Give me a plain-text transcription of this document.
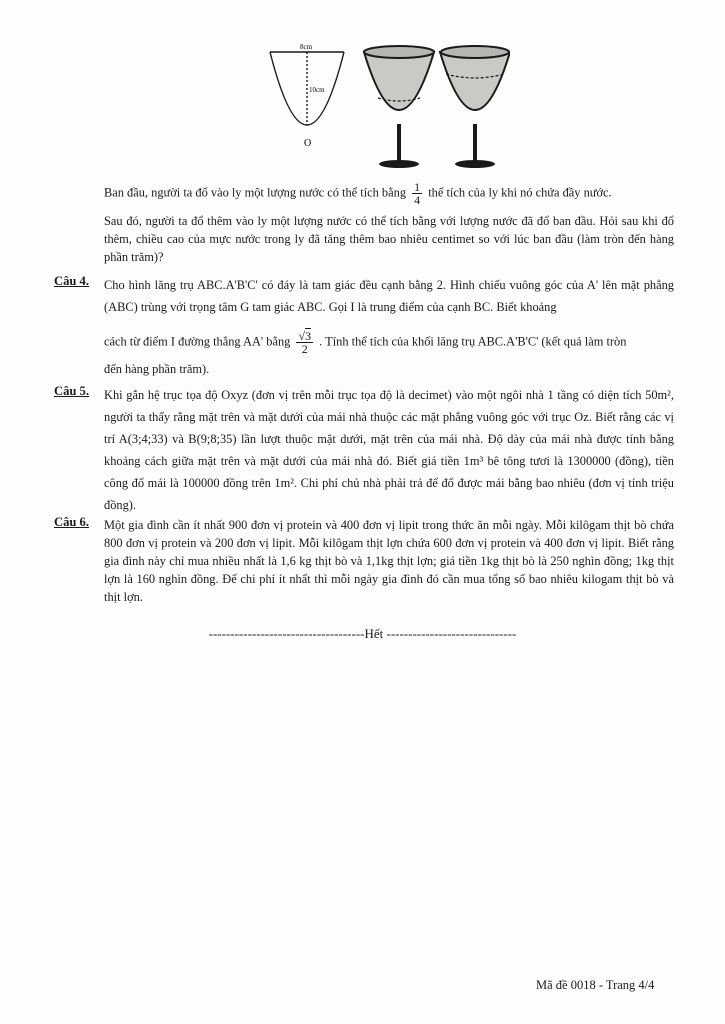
8cm
10cm
O
Ban đầu, người ta đổ vào ly một lượng nước có thể tích bằng $\frac{1}{4}$ thể tích của ly khi nó chứa đầy nước.
Sau đó, người ta đổ thêm vào ly một lượng nước có thể tích bằng với lượng nước đã đổ ban đầu. Hỏi sau khi đổ thêm, chiều cao của mực nước trong ly đã tăng thêm bao nhiêu centimet so với lúc ban đầu (làm tròn đến hàng phần trăm)?
Câu 4. Cho hình lăng trụ ABC.A'B'C' có đáy là tam giác đều cạnh bằng 2. Hình chiếu vuông góc của A' lên mặt phẳng (ABC) trùng với trọng tâm G tam giác ABC. Gọi I là trung điểm của cạnh BC. Biết khoảng
cách từ điểm I đường thẳng AA' bằng $\frac{√3}{2}$ . Tính thể tích của khối lăng trụ ABC.A'B'C' (kết quả làm tròn
đến hàng phần trăm).
Câu 5. Khi gắn hệ trục tọa độ Oxyz (đơn vị trên mỗi trục tọa độ là decimet) vào một ngôi nhà 1 tầng có diện tích 50m², người ta thấy rằng mặt trên và mặt dưới của mái nhà thuộc các mặt phẳng vuông góc với trục Oz. Biết rằng các vị trí A(3;4;33) và B(9;8;35) lần lượt thuộc mặt dưới, mặt trên của mái nhà. Độ dày của mái nhà được tính bằng khoảng cách giữa mặt trên và mặt dưới của mái nhà đó. Biết giá tiền 1m³ bê tông tươi là 1300000 (đồng), tiền công đổ mái là 100000 đồng trên 1m². Chi phí chủ nhà phải trả để đổ được mái bằng bao nhiêu (đơn vị tính triệu đồng).
Câu 6. Một gia đình cần ít nhất 900 đơn vị protein và 400 đơn vị lipit trong thức ăn mỗi ngày. Mỗi kilôgam thịt bò chứa 800 đơn vị protein và 200 đơn vị lipit. Mỗi kilôgam thịt lợn chứa 600 đơn vị protein và 400 đơn vị lipit. Biết rằng gia đình này chỉ mua nhiều nhất là 1,6 kg thịt bò và 1,1kg thịt lợn; giá tiền 1kg thịt bò là 250 nghìn đồng; 1kg thịt lợn là 160 nghìn đồng. Để chi phí ít nhất thì mỗi ngày gia đình đó cần mua tổng số bao nhiêu kilogam thịt bò và thịt lợn.
------------------------------------Hết ------------------------------
Mã đề 0018 - Trang 4/4
